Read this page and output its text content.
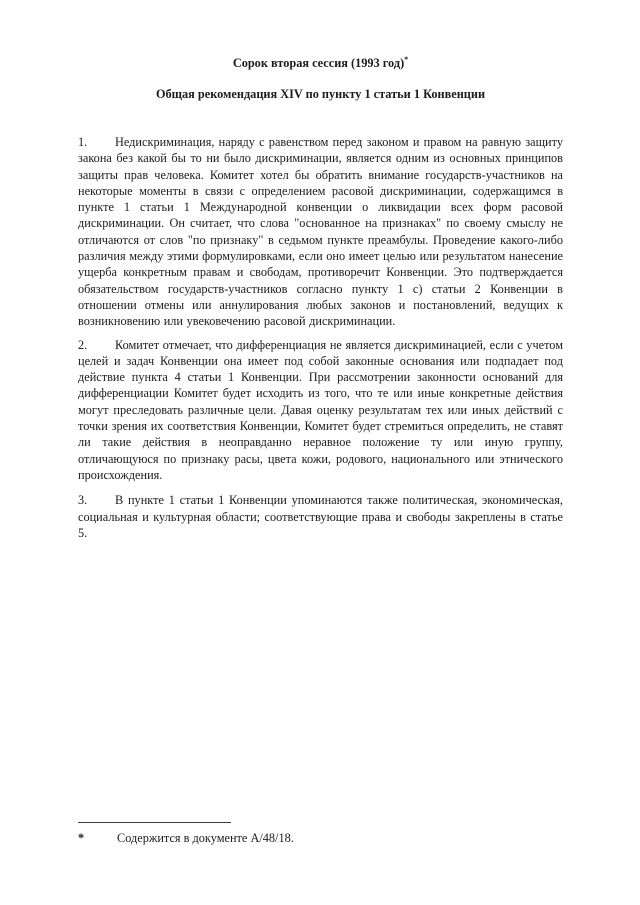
Сорок вторая сессия (1993 год)*
Общая рекомендация XIV по пункту 1 статьи 1 Конвенции

1. Недискриминация, наряду с равенством перед законом и правом на равную защиту закона без какой бы то ни было дискриминации, является одним из основных принципов защиты прав человека. Комитет хотел бы обратить внимание государств-участников на некоторые моменты в связи с определением расовой дискриминации, содержащимся в пункте 1 статьи 1 Международной конвенции о ликвидации всех форм расовой дискриминации. Он считает, что слова "основанное на признаках" по своему смыслу не отличаются от слов "по признаку" в седьмом пункте преамбулы. Проведение какого-либо различия между этими формулировками, если оно имеет целью или результатом нанесение ущерба конкретным правам и свободам, противоречит Конвенции. Это подтверждается обязательством государств-участников согласно пункту 1 с) статьи 2 Конвенции в отношении отмены или аннулирования любых законов и постановлений, ведущих к возникновению или увековечению расовой дискриминации.

2. Комитет отмечает, что дифференциация не является дискриминацией, если с учетом целей и задач Конвенции она имеет под собой законные основания или подпадает под действие пункта 4 статьи 1 Конвенции. При рассмотрении законности оснований для дифференциации Комитет будет исходить из того, что те или иные конкретные действия могут преследовать различные цели. Давая оценку результатам тех или иных действий с точки зрения их соответствия Конвенции, Комитет будет стремиться определить, не ставят ли такие действия в неоправданно неравное положение ту или иную группу, отличающуюся по признаку расы, цвета кожи, родового, национального или этнического происхождения.

3. В пункте 1 статьи 1 Конвенции упоминаются также политическая, экономическая, социальная и культурная области; соответствующие права и свободы закреплены в статье 5.

*	Содержится в документе A/48/18.
